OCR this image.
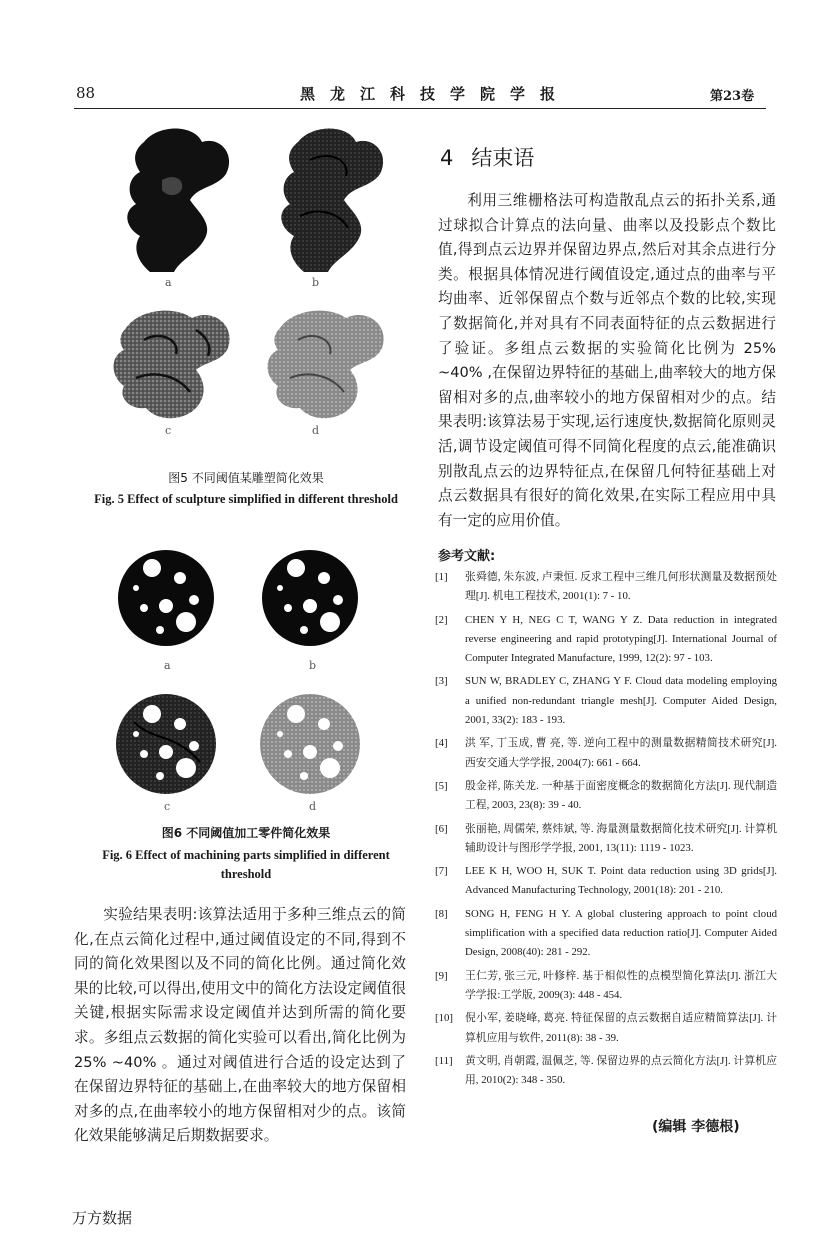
88	黑龙江科技学院学报	第23卷
a	b
c	d
图5 不同阈值某雕塑简化效果
Fig. 5 Effect of sculpture simplified in different threshold
a	b
c	d
图6 不同阈值加工零件简化效果
Fig. 6 Effect of machining parts simplified in different threshold

实验结果表明:该算法适用于多种三维点云的简化,在点云简化过程中,通过阈值设定的不同,得到不同的简化效果图以及不同的简化比例。通过简化效果的比较,可以得出,使用文中的简化方法设定阈值很关键,根据实际需求设定阈值并达到所需的简化要求。多组点云数据的简化实验可以看出,简化比例为 25% ~40% 。通过对阈值进行合适的设定达到了在保留边界特征的基础上,在曲率较大的地方保留相对多的点,在曲率较小的地方保留相对少的点。该简化效果能够满足后期数据要求。

4 结束语

利用三维栅格法可构造散乱点云的拓扑关系,通过球拟合计算点的法向量、曲率以及投影点个数比值,得到点云边界并保留边界点,然后对其余点进行分类。根据具体情况进行阈值设定,通过点的曲率与平均曲率、近邻保留点个数与近邻点个数的比较,实现了数据简化,并对具有不同表面特征的点云数据进行了验证。多组点云数据的实验简化比例为 25% ~40% ,在保留边界特征的基础上,曲率较大的地方保留相对多的点,曲率较小的地方保留相对少的点。结果表明:该算法易于实现,运行速度快,数据简化原则灵活,调节设定阈值可得不同简化程度的点云,能准确识别散乱点云的边界特征点,在保留几何特征基础上对点云数据具有很好的简化效果,在实际工程应用中具有一定的应用价值。

参考文献:
[1]	张舜德, 朱东波, 卢秉恒. 反求工程中三维几何形状测量及数据预处理[J]. 机电工程技术, 2001(1): 7 - 10.
[2]	CHEN Y H, NEG C T, WANG Y Z. Data reduction in integrated reverse engineering and rapid prototyping[J]. International Journal of Computer Integrated Manufacture, 1999, 12(2): 97 - 103.
[3]	SUN W, BRADLEY C, ZHANG Y F. Cloud data modeling employing a unified non-redundant triangle mesh[J]. Computer Aided Design, 2001, 33(2): 183 - 193.
[4]	洪 军, 丁玉成, 曹 亮, 等. 逆向工程中的测量数据精简技术研究[J]. 西安交通大学学报, 2004(7): 661 - 664.
[5]	殷金祥, 陈关龙. 一种基于面密度概念的数据简化方法[J]. 现代制造工程, 2003, 23(8): 39 - 40.
[6]	张丽艳, 周儒荣, 蔡炜斌, 等. 海量测量数据简化技术研究[J]. 计算机辅助设计与图形学学报, 2001, 13(11): 1119 - 1023.
[7]	LEE K H, WOO H, SUK T. Point data reduction using 3D grids[J]. Advanced Manufacturing Technology, 2001(18): 201 - 210.
[8]	SONG H, FENG H Y. A global clustering approach to point cloud simplification with a specified data reduction ratio[J]. Computer Aided Design, 2008(40): 281 - 292.
[9]	王仁芳, 张三元, 叶修梓. 基于相似性的点模型简化算法[J]. 浙江大学学报:工学版, 2009(3): 448 - 454.
[10]	倪小军, 姜晓峰, 葛亮. 特征保留的点云数据自适应精简算法[J]. 计算机应用与软件, 2011(8): 38 - 39.
[11]	黄文明, 肖朝霞, 温佩芝, 等. 保留边界的点云简化方法[J]. 计算机应用, 2010(2): 348 - 350.
(编辑 李德根)
万方数据
